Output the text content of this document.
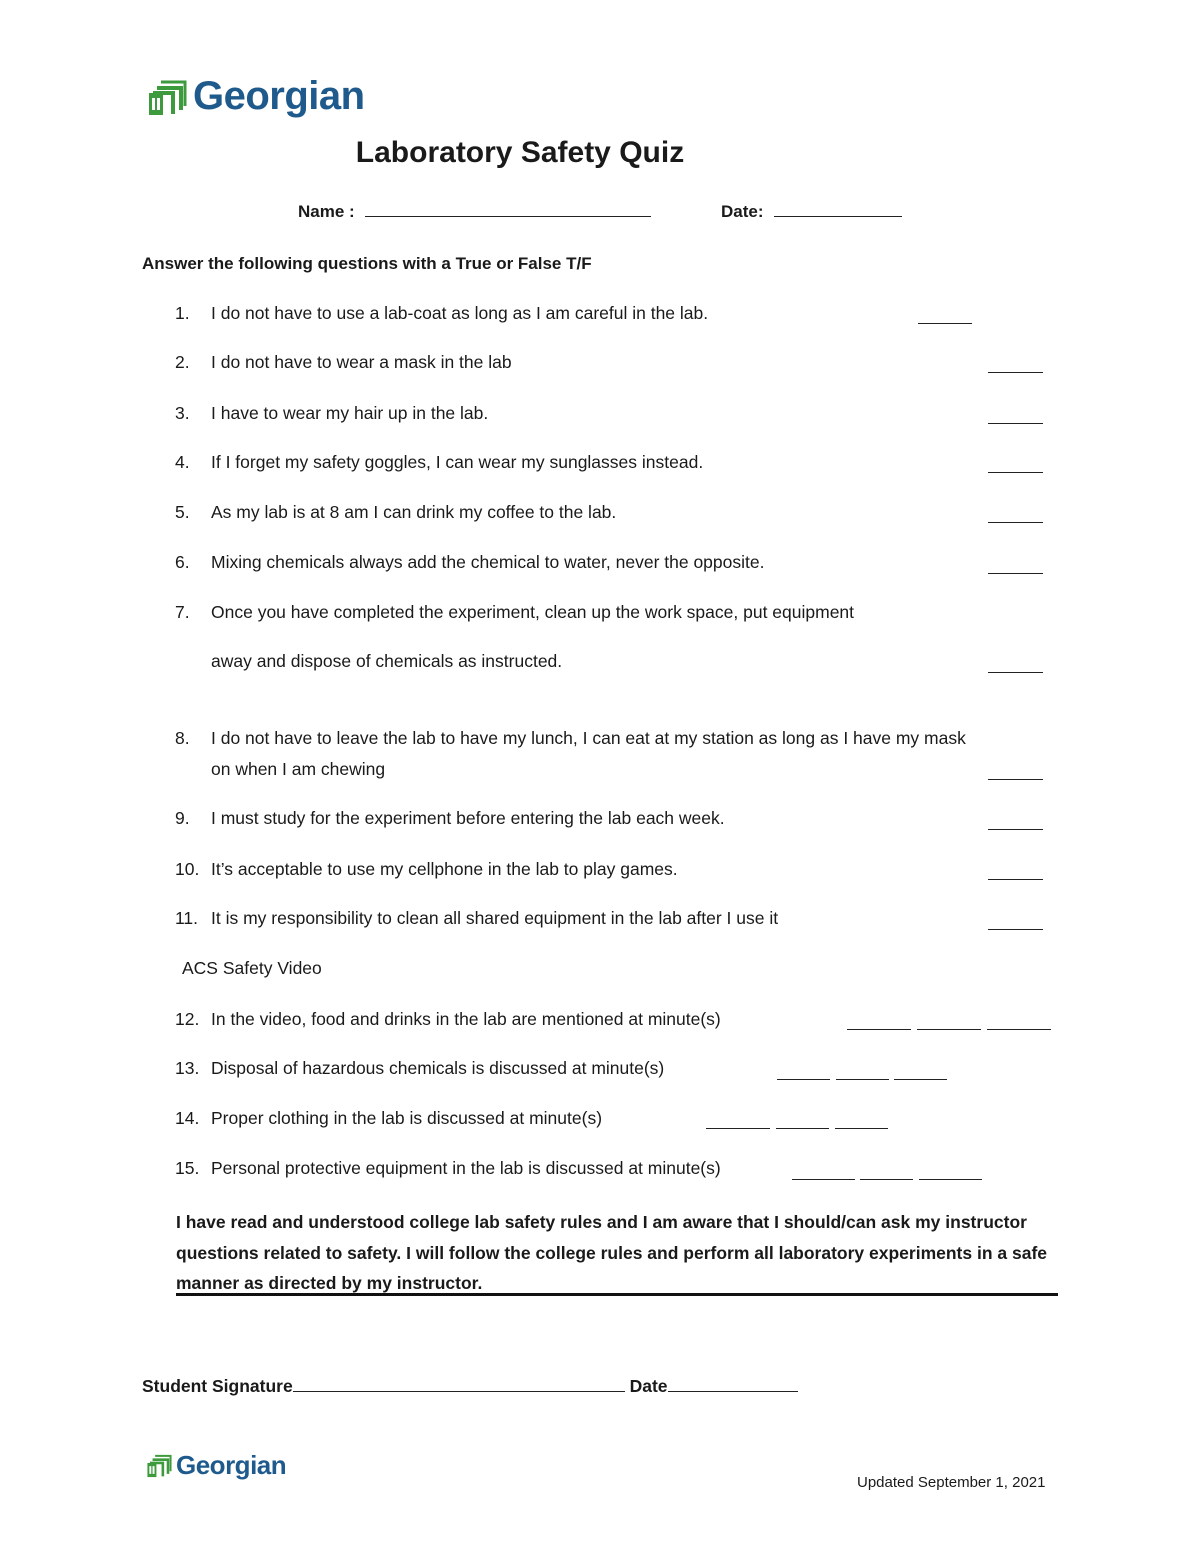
Georgian
Laboratory Safety Quiz
Name :	Date:
Answer the following questions with a True or False T/F
1. I do not have to use a lab-coat as long as I am careful in the lab.
2. I do not have to wear a mask in the lab
3. I have to wear my hair up in the lab.
4. If I forget my safety goggles, I can wear my sunglasses instead.
5. As my lab is at 8 am I can drink my coffee to the lab.
6. Mixing chemicals always add the chemical to water, never the opposite.
7. Once you have completed the experiment, clean up the work space, put equipment
away and dispose of chemicals as instructed.
8. I do not have to leave the lab to have my lunch, I can eat at my station as long as I have my mask
on when I am chewing
9. I must study for the experiment before entering the lab each week.
10. It’s acceptable to use my cellphone in the lab to play games.
11. It is my responsibility to clean all shared equipment in the lab after I use it
ACS Safety Video
12. In the video, food and drinks in the lab are mentioned at minute(s)
13. Disposal of hazardous chemicals is discussed at minute(s)
14. Proper clothing in the lab is discussed at minute(s)
15. Personal protective equipment in the lab is discussed at minute(s)
I have read and understood college lab safety rules and I am aware that I should/can ask my instructor questions related to safety. I will follow the college rules and perform all laboratory experiments in a safe manner as directed by my instructor.
Student Signature	Date
Georgian
Updated September 1, 2021
